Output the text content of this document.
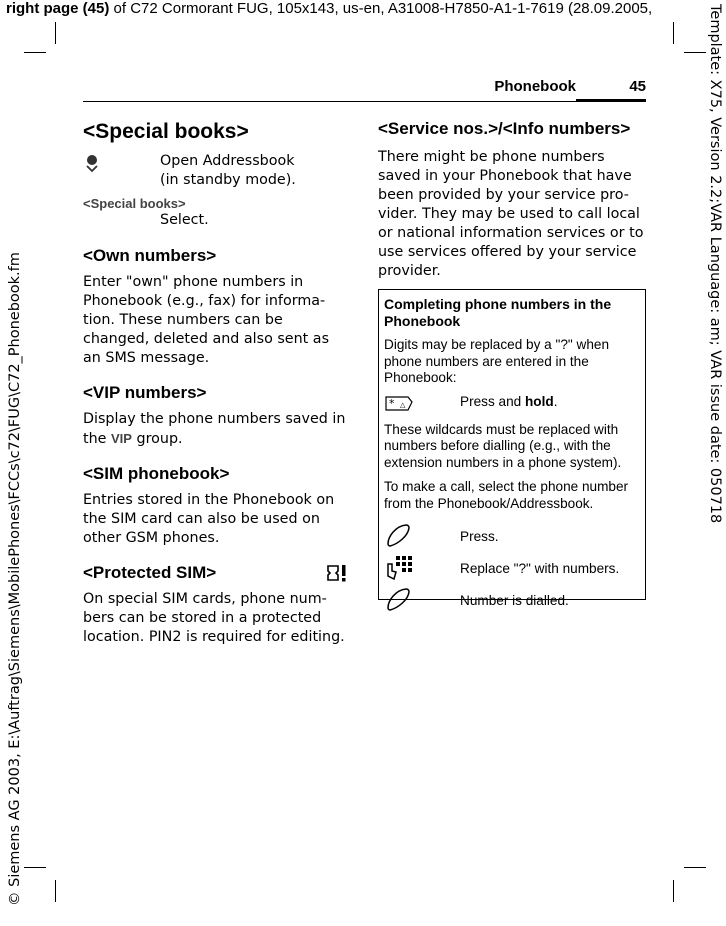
right page (45) of C72 Cormorant FUG, 105x143, us-en, A31008-H7850-A1-1-7619 (28.09.2005,
© Siemens AG 2003, E:\Auftrag\Siemens\MobilePhones\FCCs\c72\FUG\C72_Phonebook.fm	Template: X75, Version 2.2;VAR Language: am; VAR issue date: 050718
Phonebook	45
<Special books>
Open Addressbook
(in standby mode).
<Special books>
Select.
<Own numbers>

Enter "own" phone numbers in Phonebook (e.g., fax) for informa-tion. These numbers can be changed, deleted and also sent as an SMS message.

<VIP numbers>

Display the phone numbers saved in the VIP group.

<SIM phonebook>

Entries stored in the Phonebook on the SIM card can also be used on other GSM phones.

<Protected SIM>

On special SIM cards, phone num-bers can be stored in a protected location. PIN2 is required for editing.

<Service nos.>/<Info numbers>

There might be phone numbers saved in your Phonebook that have been provided by your service pro-vider. They may be used to call local or national information services or to use services offered by your service provider.

Completing phone numbers in the Phonebook

Digits may be replaced by a "?" when phone numbers are entered in the Phonebook:

* △	Press and hold.

These wildcards must be replaced with numbers before dialling (e.g., with the extension numbers in a phone system).

To make a call, select the phone number from the Phonebook/Addressbook.

Press.
Replace "?" with numbers.
Number is dialled.
